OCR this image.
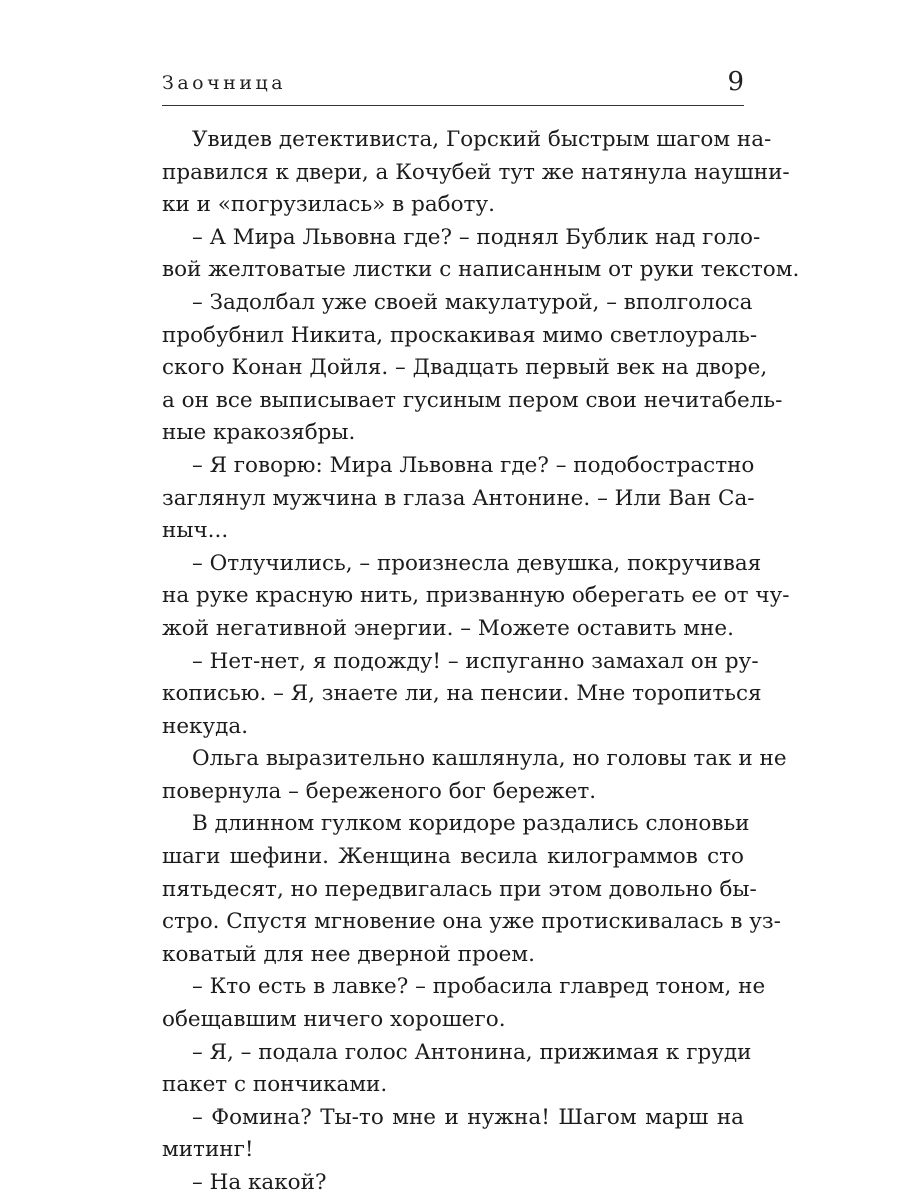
Заочница	9
Увидев детективиста, Горский быстрым шагом на-
правился к двери, а Кочубей тут же натянула наушни-
ки и «погрузилась» в работу.
– А Мира Львовна где? – поднял Бублик над голо-
вой желтоватые листки с написанным от руки текстом.
– Задолбал уже своей макулатурой, – вполголоса
пробубнил Никита, проскакивая мимо светлоураль-
ского Конан Дойля. – Двадцать первый век на дворе,
а он все выписывает гусиным пером свои нечитабель-
ные кракозябры.
– Я говорю: Мира Львовна где? – подобострастно
заглянул мужчина в глаза Антонине. – Или Ван Са-
ныч...
– Отлучились, – произнесла девушка, покручивая
на руке красную нить, призванную оберегать ее от чу-
жой негативной энергии. – Можете оставить мне.
– Нет-нет, я подожду! – испуганно замахал он ру-
кописью. – Я, знаете ли, на пенсии. Мне торопиться
некуда.
Ольга выразительно кашлянула, но головы так и не
повернула – береженого бог бережет.
В длинном гулком коридоре раздались слоновьи
шаги шефини. Женщина весила килограммов сто
пятьдесят, но передвигалась при этом довольно бы-
стро. Спустя мгновение она уже протискивалась в уз-
коватый для нее дверной проем.
– Кто есть в лавке? – пробасила главред тоном, не
обещавшим ничего хорошего.
– Я, – подала голос Антонина, прижимая к груди
пакет с пончиками.
– Фомина? Ты-то мне и нужна! Шагом марш на
митинг!
– На какой?
